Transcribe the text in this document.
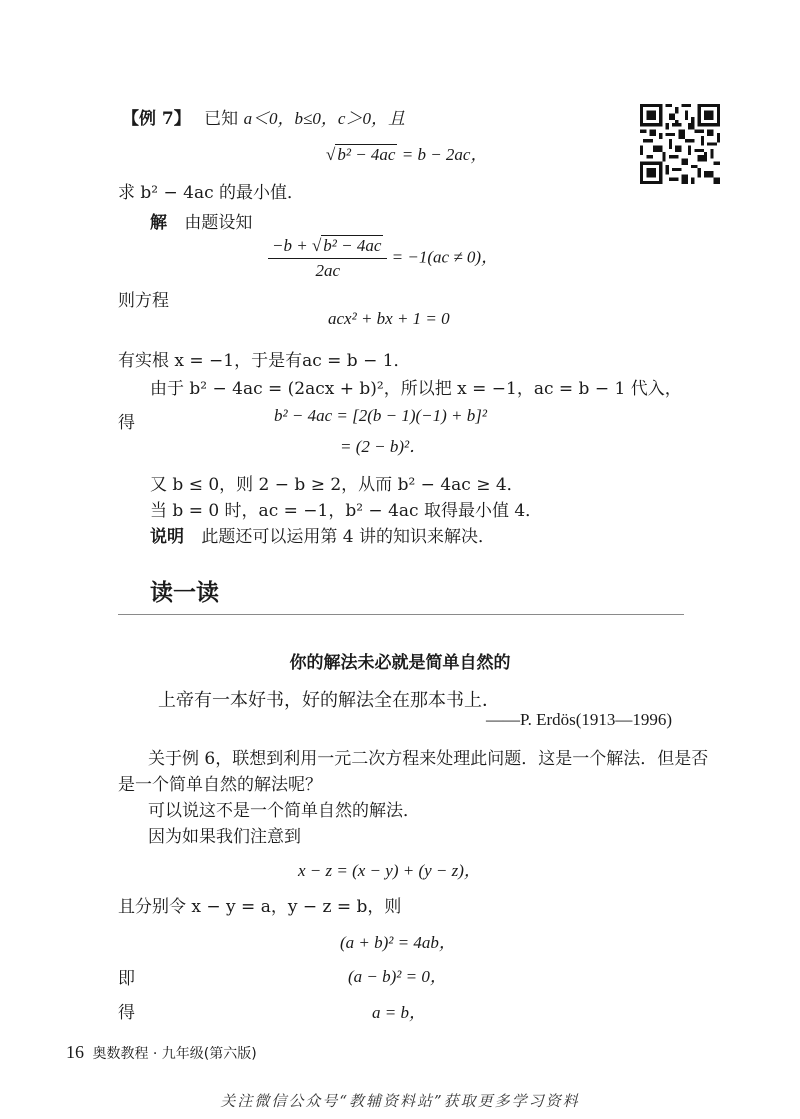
【例 7】 已知 a＜0，b≤0，c＞0，且
√ b² − 4ac = b − 2ac，
求 b² − 4ac 的最小值．
解 由题设知
$\frac{\text{−b + √ b² − 4ac}}{2ac} = -1(ac \ne 0)$，
则方程
acx² + bx + 1 = 0
有实根 x = −1，于是有ac = b − 1．
由于 b² − 4ac = (2acx + b)²，所以把 x = −1，ac = b − 1 代入，
得	b² − 4ac = [2(b − 1)(−1) + b]²
= (2 − b)²．
又 b ≤ 0，则 2 − b ≥ 2，从而 b² − 4ac ≥ 4．
当 b = 0 时，ac = −1，b² − 4ac 取得最小值 4．
说明 此题还可以运用第 4 讲的知识来解决．
读一读
你的解法未必就是简单自然的
上帝有一本好书，好的解法全在那本书上．
——P. Erdös(1913—1996)
关于例 6，联想到利用一元二次方程来处理此问题．这是一个解法．但是否
是一个简单自然的解法呢？
可以说这不是一个简单自然的解法．
因为如果我们注意到
x − z = (x − y) + (y − z)，
且分别令 x − y = a，y − z = b，则
(a + b)² = 4ab，
即	(a − b)² = 0，
得	a = b，
16 奥数教程 · 九年级(第六版)
关注微信公众号“教辅资料站”获取更多学习资料
